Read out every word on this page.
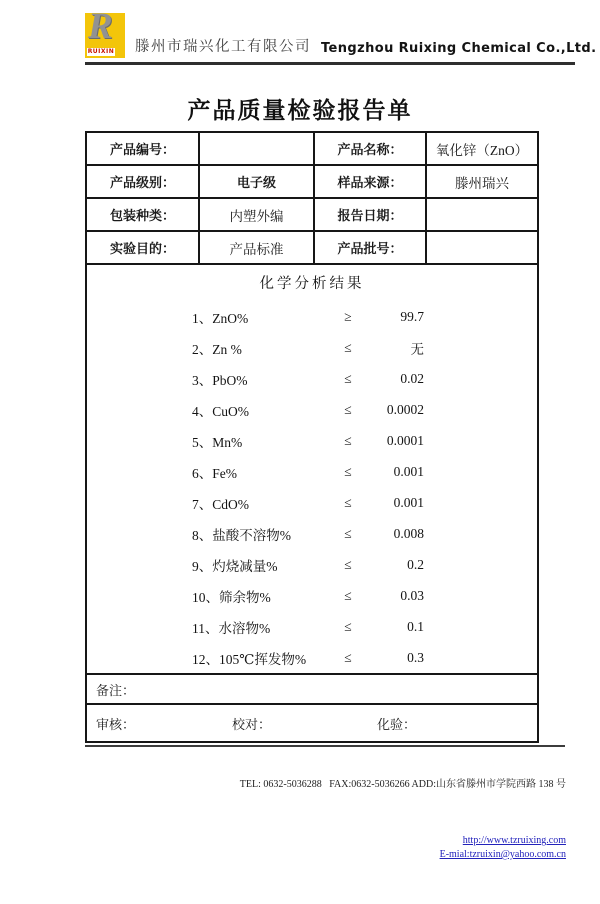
R
RUIXIN 滕州市瑞兴化工有限公司 Tengzhou Ruixing Chemical Co.,Ltd.
产品质量检验报告单
产品编号：		产品名称：	氧化锌（ZnO）
产品级别：	电子级	样品来源：	滕州瑞兴
包装种类：	内塑外编	报告日期：	
实验目的：	产品标准	产品批号：	

化学分析结果
1、ZnO%	≥	99.7
2、Zn %	≤	无
3、PbO%	≤	0.02
4、CuO%	≤	0.0002
5、Mn%	≤	0.0001
6、Fe%	≤	0.001
7、CdO%	≤	0.001
8、盐酸不溶物%	≤	0.008
9、灼烧减量%	≤	0.2
10、筛余物%	≤	0.03
11、水溶物%	≤	0.1
12、105℃挥发物%	≤	0.3

备注：			

审核： 校对： 化验：			

TEL: 0632-5036288   FAX:0632-5036266 ADD:山东省滕州市学院西路 138 号

http://www.tzruixing.com
E-mial:tzruixin@yahoo.com.cn
